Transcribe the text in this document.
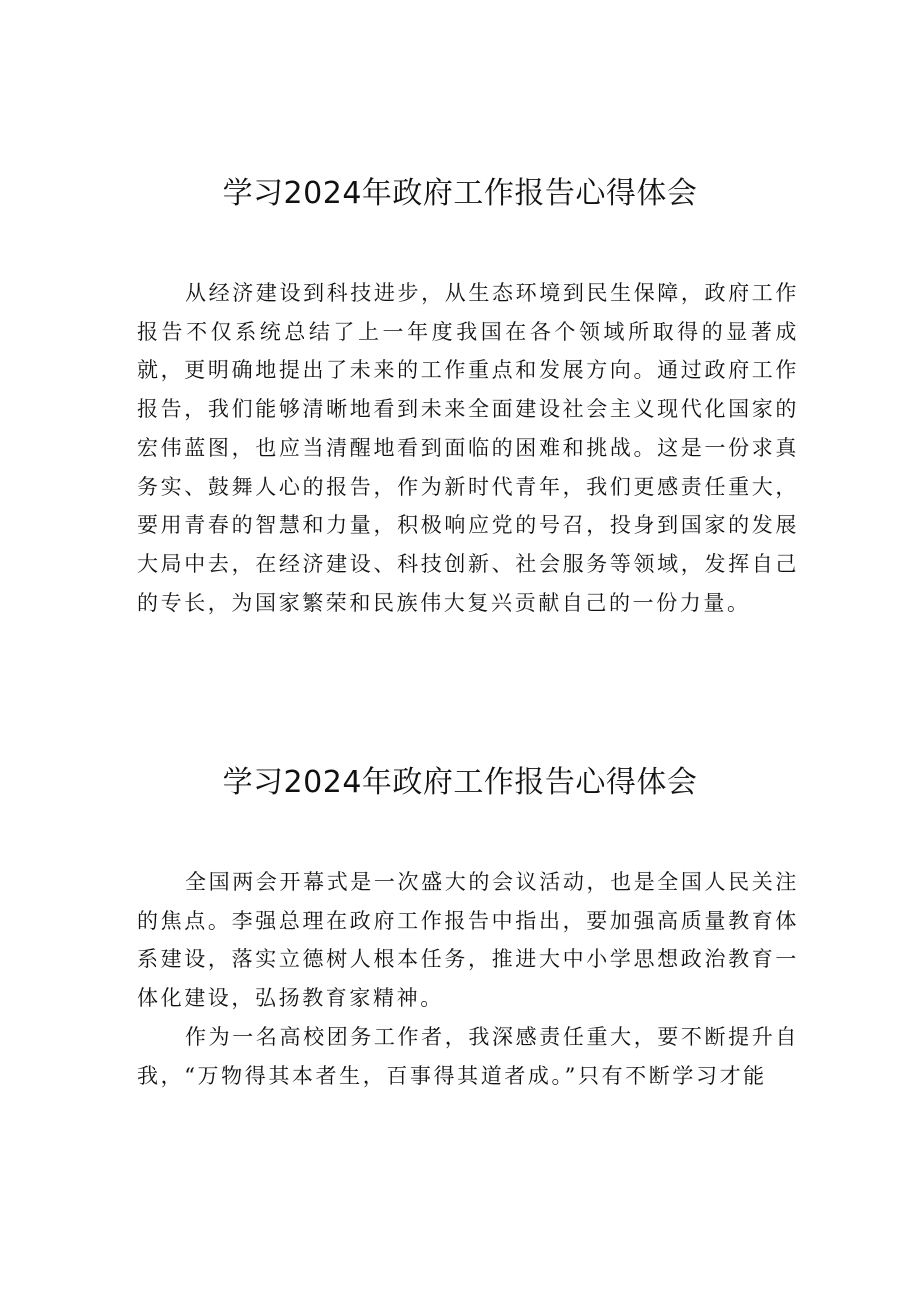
学习2024年政府工作报告心得体会

从经济建设到科技进步，从生态环境到民生保障，政府工作报告不仅系统总结了上一年度我国在各个领域所取得的显著成就，更明确地提出了未来的工作重点和发展方向。通过政府工作报告，我们能够清晰地看到未来全面建设社会主义现代化国家的宏伟蓝图，也应当清醒地看到面临的困难和挑战。这是一份求真务实、鼓舞人心的报告，作为新时代青年，我们更感责任重大，要用青春的智慧和力量，积极响应党的号召，投身到国家的发展大局中去，在经济建设、科技创新、社会服务等领域，发挥自己的专长，为国家繁荣和民族伟大复兴贡献自己的一份力量。

学习2024年政府工作报告心得体会

全国两会开幕式是一次盛大的会议活动，也是全国人民关注的焦点。李强总理在政府工作报告中指出，要加强高质量教育体系建设，落实立德树人根本任务，推进大中小学思想政治教育一体化建设，弘扬教育家精神。

作为一名高校团务工作者，我深感责任重大，要不断提升自我，“万物得其本者生，百事得其道者成。”只有不断学习才能
